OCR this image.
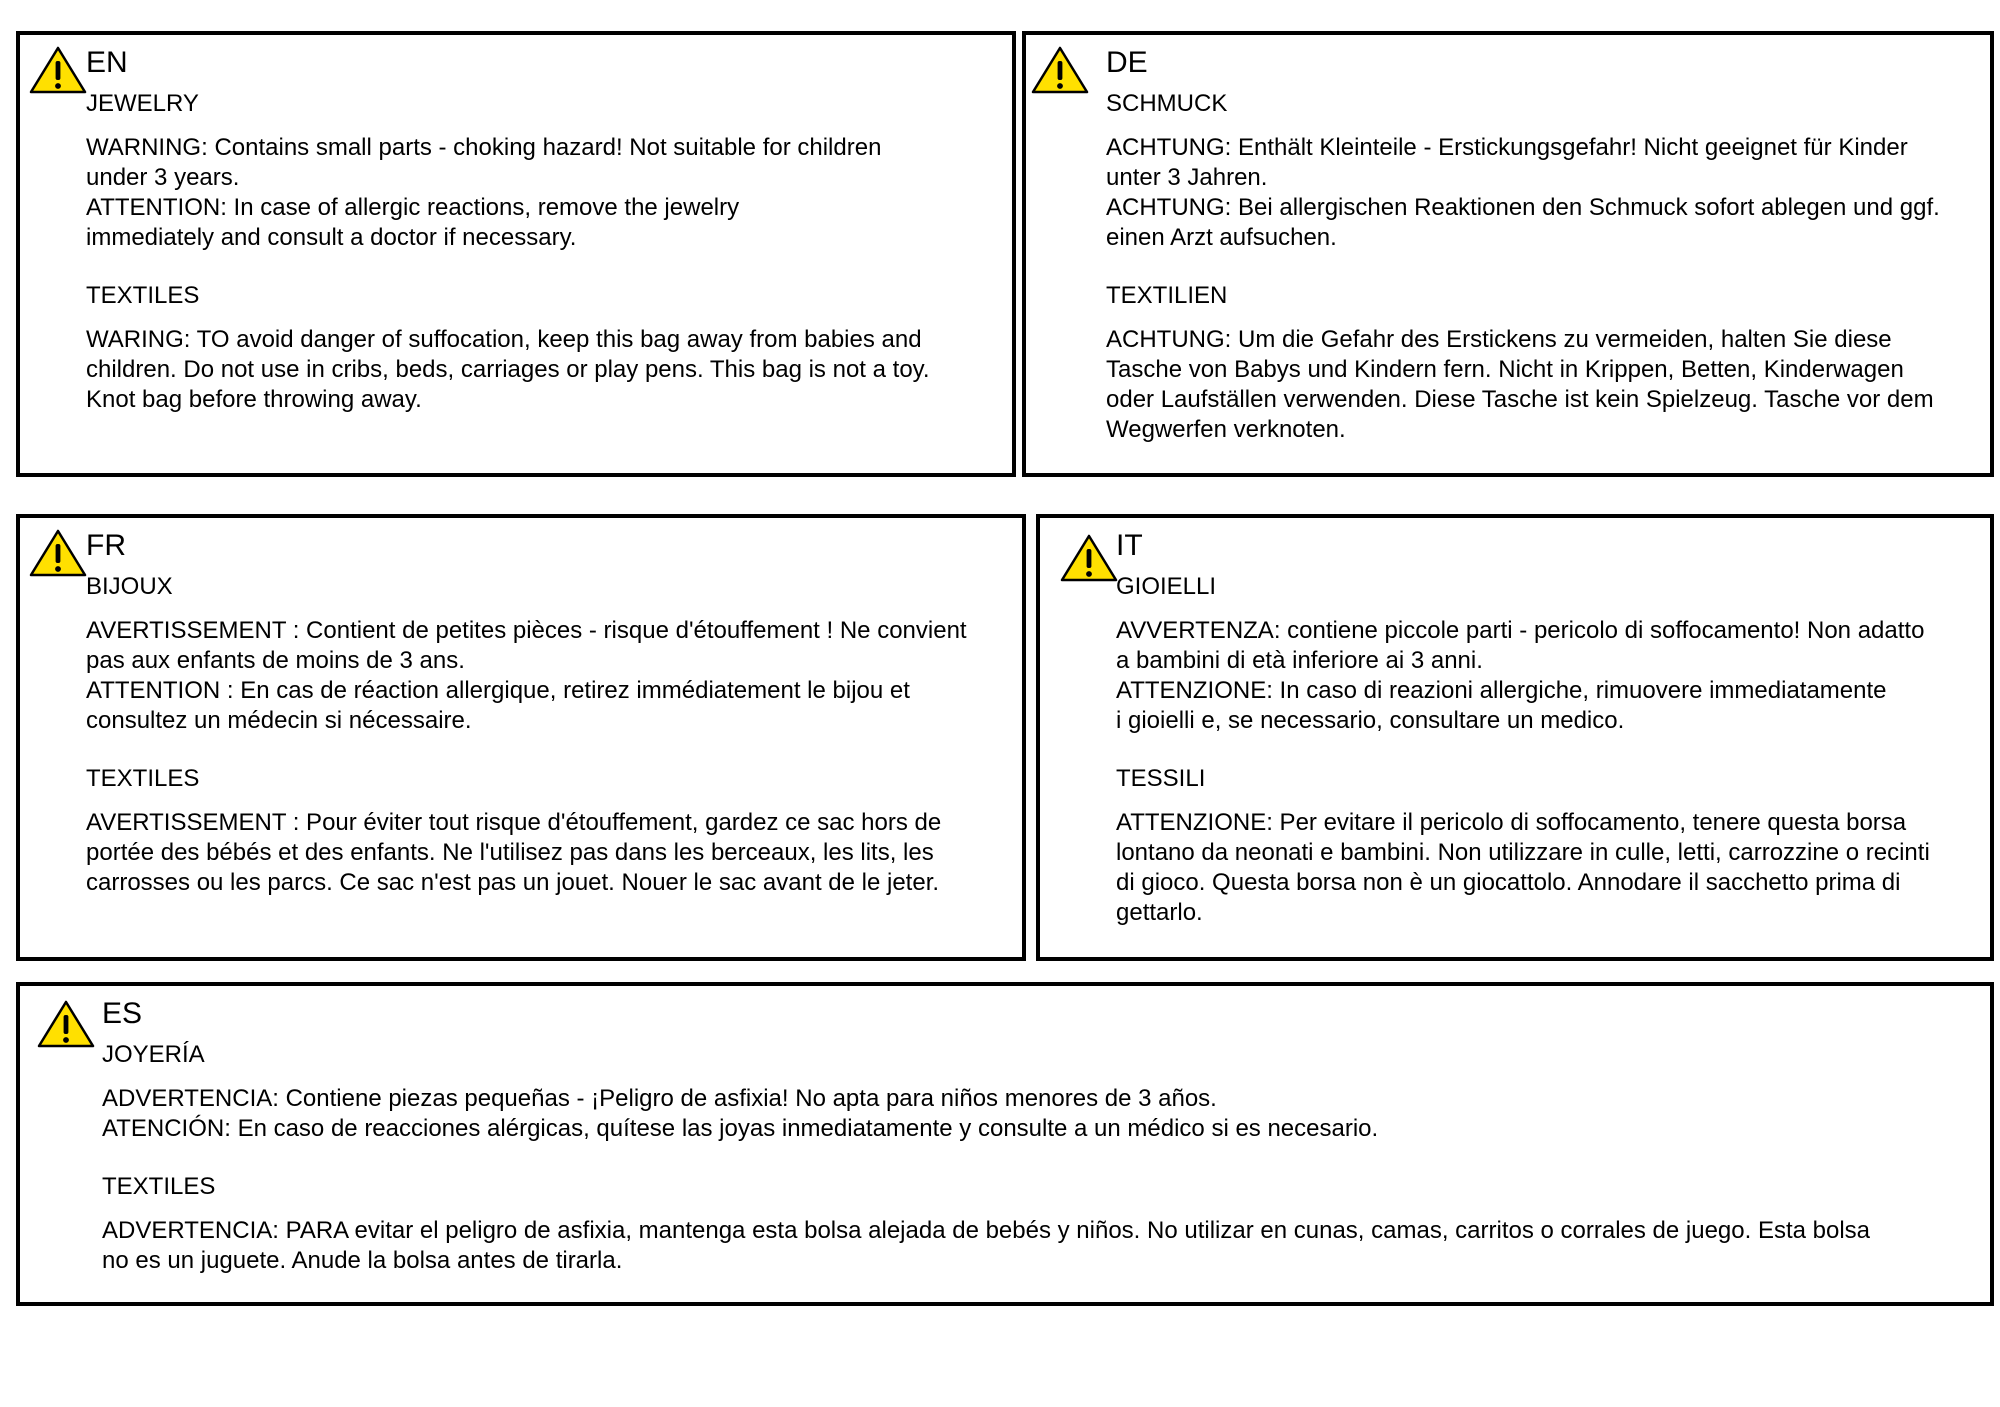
EN
JEWELRY
WARNING: Contains small parts - choking hazard! Not suitable for children
under 3 years.
ATTENTION: In case of allergic reactions, remove the jewelry
immediately and consult a doctor if necessary.
TEXTILES
WARING: TO avoid danger of suffocation, keep this bag away from babies and
children. Do not use in cribs, beds, carriages or play pens. This bag is not a toy.
Knot bag before throwing away.
DE
SCHMUCK
ACHTUNG: Enthält Kleinteile - Erstickungsgefahr! Nicht geeignet für Kinder
unter 3 Jahren.
ACHTUNG: Bei allergischen Reaktionen den Schmuck sofort ablegen und ggf.
einen Arzt aufsuchen.
TEXTILIEN
ACHTUNG: Um die Gefahr des Erstickens zu vermeiden, halten Sie diese
Tasche von Babys und Kindern fern. Nicht in Krippen, Betten, Kinderwagen
oder Laufställen verwenden. Diese Tasche ist kein Spielzeug. Tasche vor dem
Wegwerfen verknoten.
FR
BIJOUX
AVERTISSEMENT : Contient de petites pièces - risque d'étouffement ! Ne convient
pas aux enfants de moins de 3 ans.
ATTENTION : En cas de réaction allergique, retirez immédiatement le bijou et
consultez un médecin si nécessaire.
TEXTILES
AVERTISSEMENT : Pour éviter tout risque d'étouffement, gardez ce sac hors de
portée des bébés et des enfants. Ne l'utilisez pas dans les berceaux, les lits, les
carrosses ou les parcs. Ce sac n'est pas un jouet. Nouer le sac avant de le jeter.
IT
GIOIELLI
AVVERTENZA: contiene piccole parti - pericolo di soffocamento! Non adatto
a bambini di età inferiore ai 3 anni.
ATTENZIONE: In caso di reazioni allergiche, rimuovere immediatamente
i gioielli e, se necessario, consultare un medico.
TESSILI
ATTENZIONE: Per evitare il pericolo di soffocamento, tenere questa borsa
lontano da neonati e bambini. Non utilizzare in culle, letti, carrozzine o recinti
di gioco. Questa borsa non è un giocattolo. Annodare il sacchetto prima di
gettarlo.
ES
JOYERÍA
ADVERTENCIA: Contiene piezas pequeñas - ¡Peligro de asfixia! No apta para niños menores de 3 años.
ATENCIÓN: En caso de reacciones alérgicas, quítese las joyas inmediatamente y consulte a un médico si es necesario.
TEXTILES
ADVERTENCIA: PARA evitar el peligro de asfixia, mantenga esta bolsa alejada de bebés y niños. No utilizar en cunas, camas, carritos o corrales de juego. Esta bolsa
no es un juguete. Anude la bolsa antes de tirarla.
